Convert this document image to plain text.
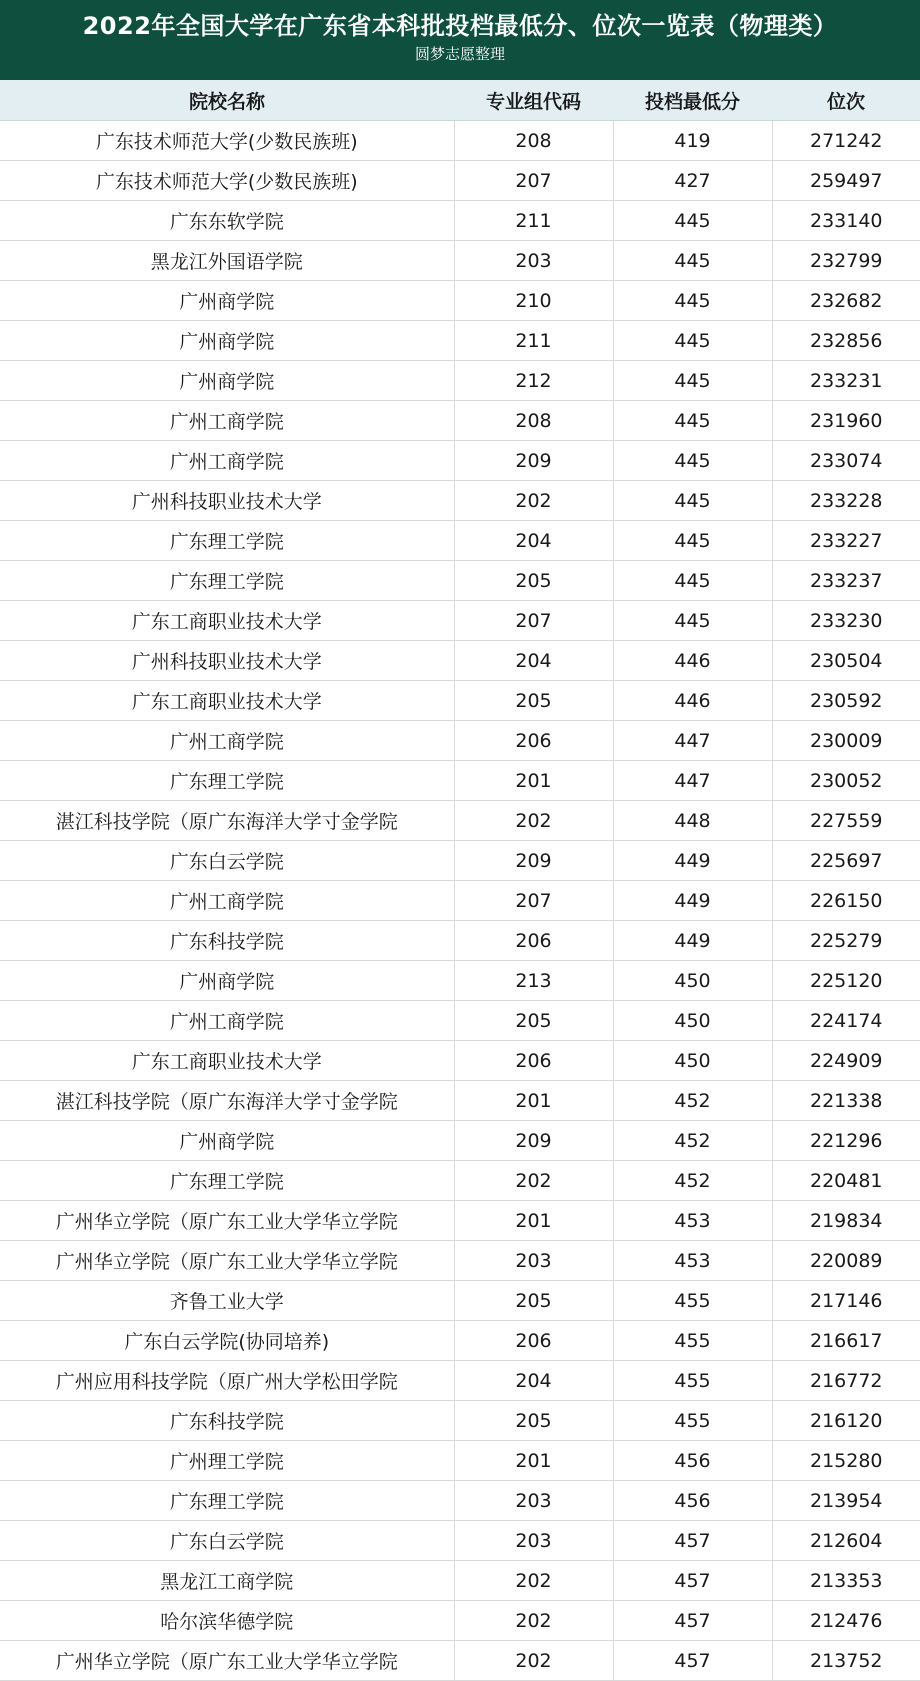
2022年全国大学在广东省本科批投档最低分、位次一览表（物理类）
圆梦志愿整理
院校名称	专业组代码	投档最低分	位次
广东技术师范大学(少数民族班)	208	419	271242
广东技术师范大学(少数民族班)	207	427	259497
广东东软学院	211	445	233140
黑龙江外国语学院	203	445	232799
广州商学院	210	445	232682
广州商学院	211	445	232856
广州商学院	212	445	233231
广州工商学院	208	445	231960
广州工商学院	209	445	233074
广州科技职业技术大学	202	445	233228
广东理工学院	204	445	233227
广东理工学院	205	445	233237
广东工商职业技术大学	207	445	233230
广州科技职业技术大学	204	446	230504
广东工商职业技术大学	205	446	230592
广州工商学院	206	447	230009
广东理工学院	201	447	230052
湛江科技学院（原广东海洋大学寸金学院	202	448	227559
广东白云学院	209	449	225697
广州工商学院	207	449	226150
广东科技学院	206	449	225279
广州商学院	213	450	225120
广州工商学院	205	450	224174
广东工商职业技术大学	206	450	224909
湛江科技学院（原广东海洋大学寸金学院	201	452	221338
广州商学院	209	452	221296
广东理工学院	202	452	220481
广州华立学院（原广东工业大学华立学院	201	453	219834
广州华立学院（原广东工业大学华立学院	203	453	220089
齐鲁工业大学	205	455	217146
广东白云学院(协同培养)	206	455	216617
广州应用科技学院（原广州大学松田学院	204	455	216772
广东科技学院	205	455	216120
广州理工学院	201	456	215280
广东理工学院	203	456	213954
广东白云学院	203	457	212604
黑龙江工商学院	202	457	213353
哈尔滨华德学院	202	457	212476
广州华立学院（原广东工业大学华立学院	202	457	213752
